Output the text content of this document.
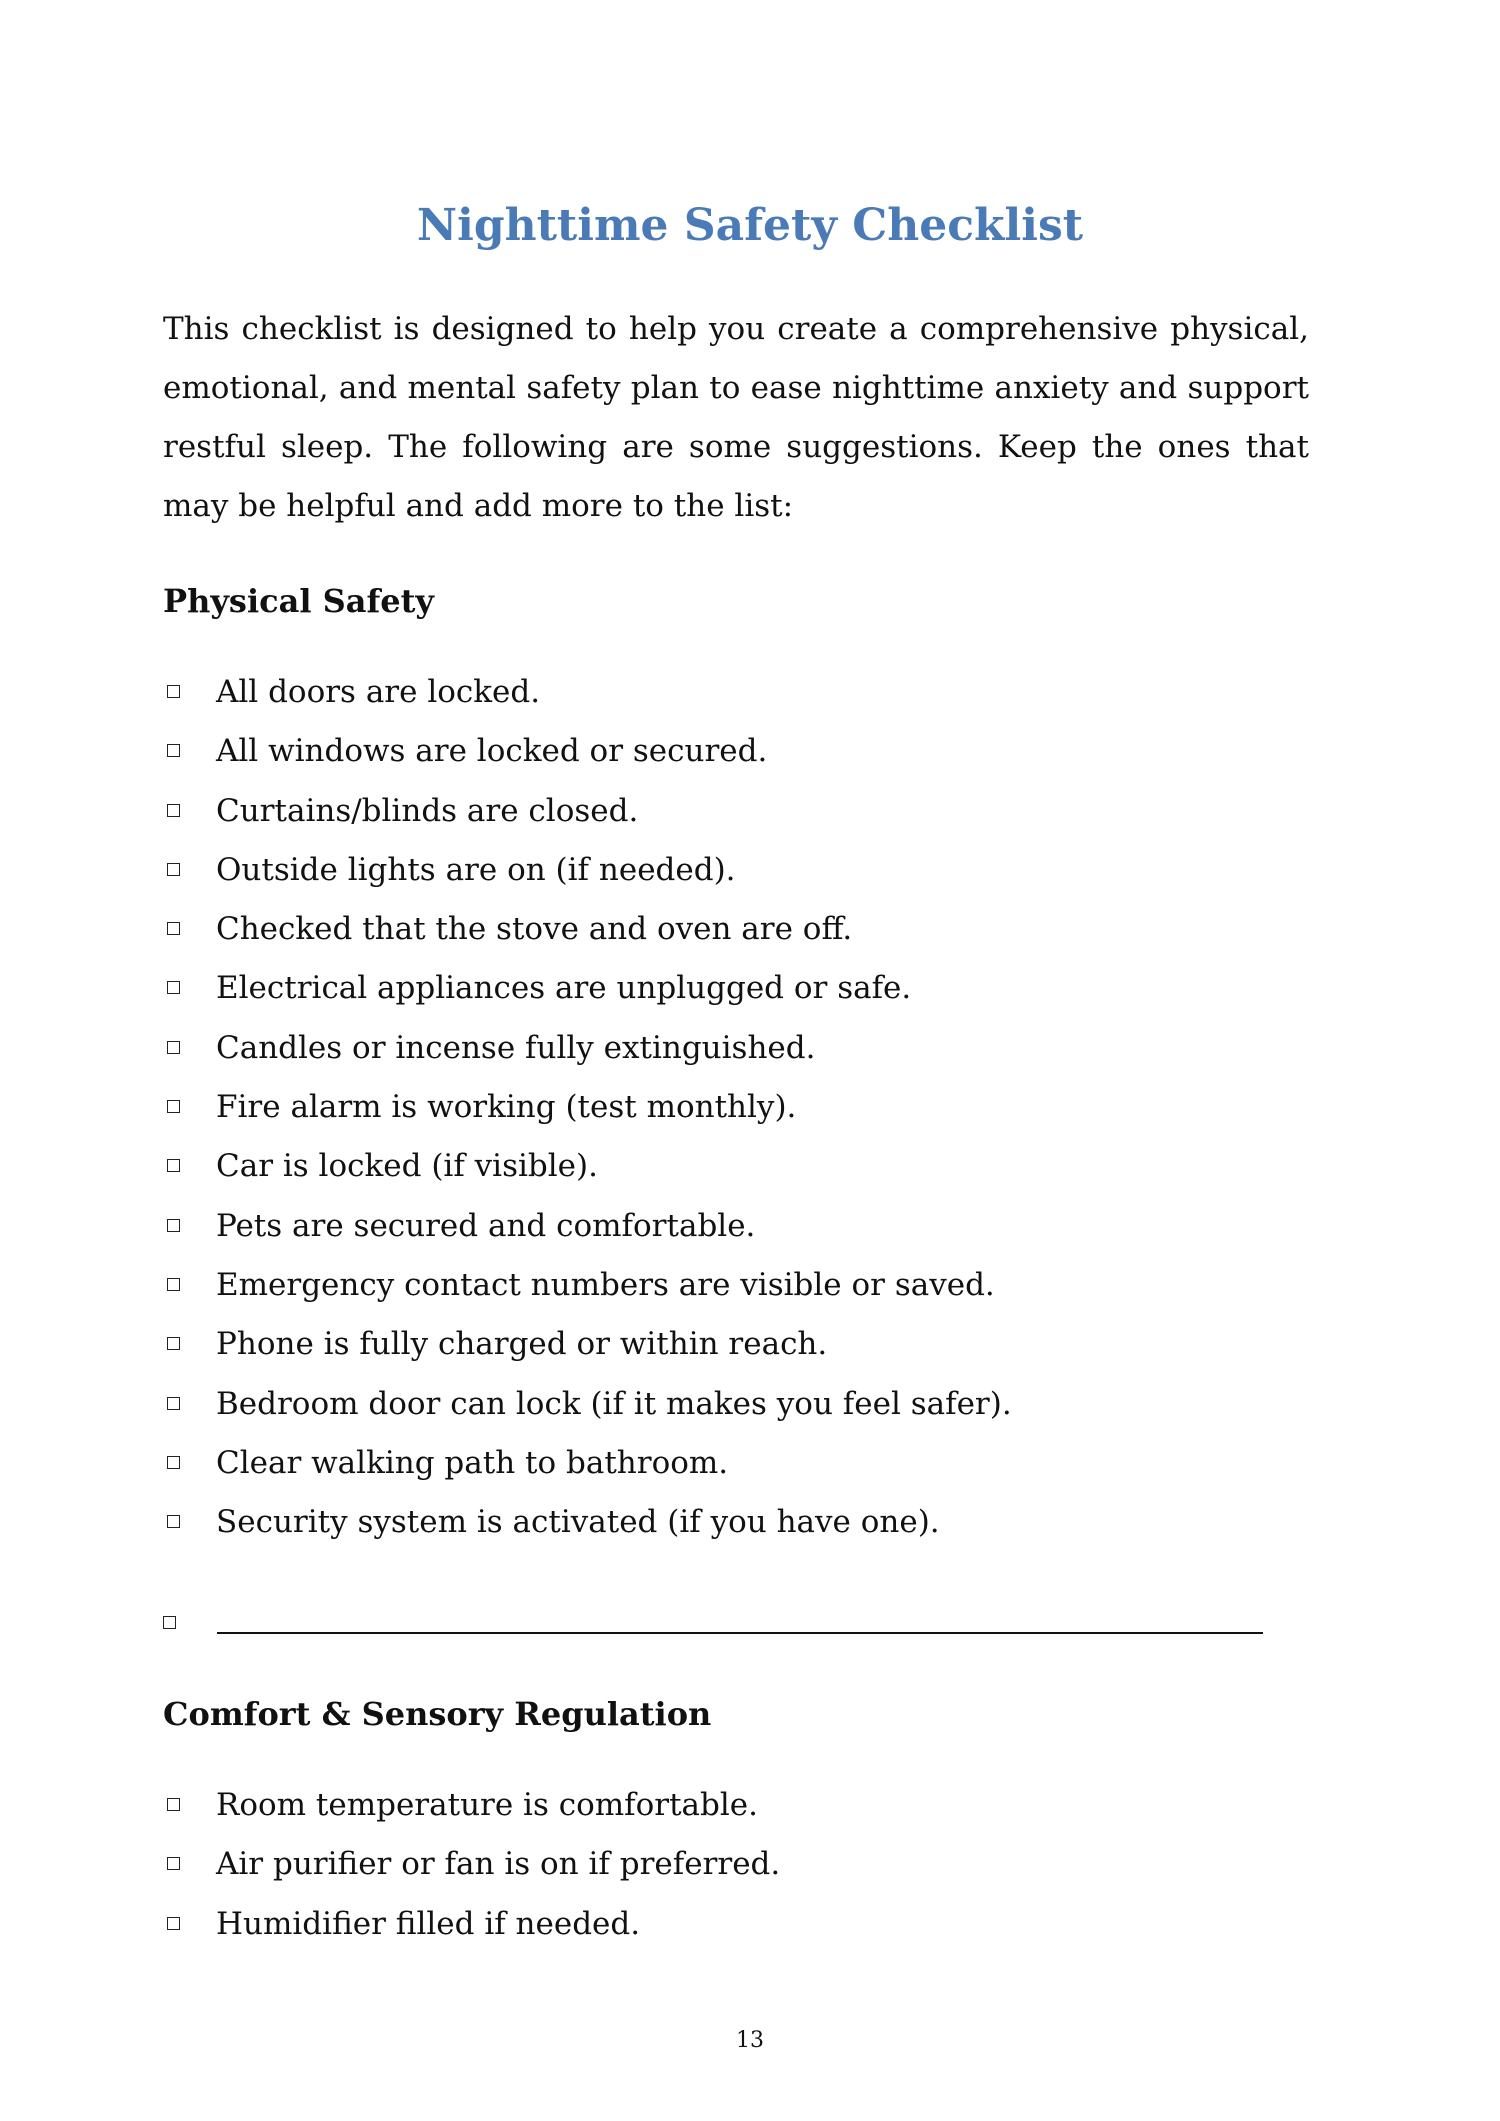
Nighttime Safety Checklist

This checklist is designed to help you create a comprehensive physical, emotional, and mental safety plan to ease nighttime anxiety and support restful sleep. The following are some suggestions. Keep the ones that may be helpful and add more to the list:

Physical Safety
All doors are locked.
All windows are locked or secured.
Curtains/blinds are closed.
Outside lights are on (if needed).
Checked that the stove and oven are off.
Electrical appliances are unplugged or safe.
Candles or incense fully extinguished.
Fire alarm is working (test monthly).
Car is locked (if visible).
Pets are secured and comfortable.
Emergency contact numbers are visible or saved.
Phone is fully charged or within reach.
Bedroom door can lock (if it makes you feel safer).
Clear walking path to bathroom.
Security system is activated (if you have one).
Comfort & Sensory Regulation
Room temperature is comfortable.
Air purifier or fan is on if preferred.
Humidifier filled if needed.
13
